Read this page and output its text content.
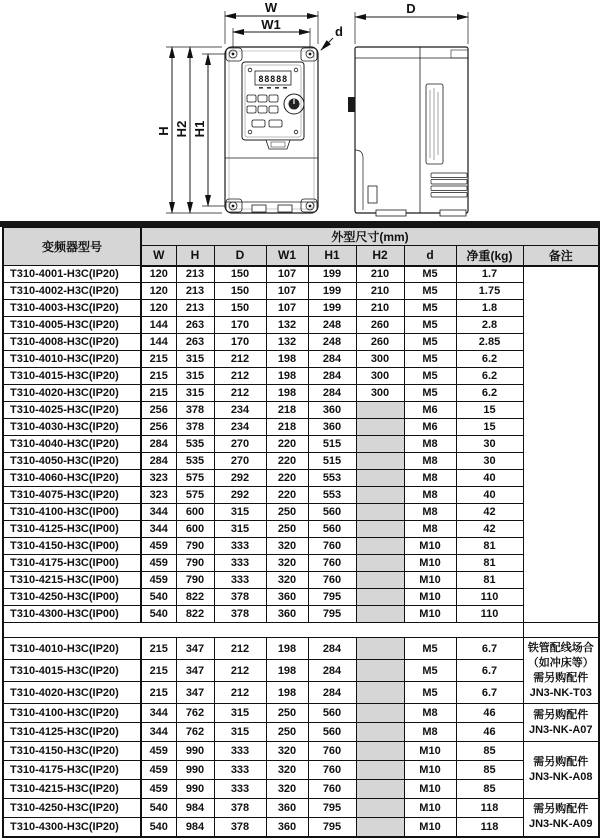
W
W1
H H2 H1
d
88888
D
变频器型号	外型尺寸(mm)								
	W	H	D	W1	H1	H2	d	净重(kg)	备注
T310-4001-H3C(IP20)	120	213	150	107	199	210	M5	1.7	
T310-4002-H3C(IP20)	120	213	150	107	199	210	M5	1.75	
T310-4003-H3C(IP20)	120	213	150	107	199	210	M5	1.8	
T310-4005-H3C(IP20)	144	263	170	132	248	260	M5	2.8	
T310-4008-H3C(IP20)	144	263	170	132	248	260	M5	2.85	
T310-4010-H3C(IP20)	215	315	212	198	284	300	M5	6.2	
T310-4015-H3C(IP20)	215	315	212	198	284	300	M5	6.2	
T310-4020-H3C(IP20)	215	315	212	198	284	300	M5	6.2	
T310-4025-H3C(IP20)	256	378	234	218	360		M6	15	
T310-4030-H3C(IP20)	256	378	234	218	360		M6	15	
T310-4040-H3C(IP20)	284	535	270	220	515		M8	30	
T310-4050-H3C(IP20)	284	535	270	220	515		M8	30	
T310-4060-H3C(IP20)	323	575	292	220	553		M8	40	
T310-4075-H3C(IP20)	323	575	292	220	553		M8	40	
T310-4100-H3C(IP00)	344	600	315	250	560		M8	42	
T310-4125-H3C(IP00)	344	600	315	250	560		M8	42	
T310-4150-H3C(IP00)	459	790	333	320	760		M10	81	
T310-4175-H3C(IP00)	459	790	333	320	760		M10	81	
T310-4215-H3C(IP00)	459	790	333	320	760		M10	81	
T310-4250-H3C(IP00)	540	822	378	360	795		M10	110	
T310-4300-H3C(IP00)	540	822	378	360	795		M10	110	

T310-4010-H3C(IP20)	215	347	212	198	284		M5	6.7	铁管配线场合
（如冲床等）
需另购配件
JN3-NK-T03

T310-4015-H3C(IP20)	215	347	212	198	284		M5	6.7	
T310-4020-H3C(IP20)	215	347	212	198	284		M5	6.7	
T310-4100-H3C(IP20)	344	762	315	250	560		M8	46	需另购配件
JN3-NK-A07

T310-4125-H3C(IP20)	344	762	315	250	560		M8	46	
T310-4150-H3C(IP20)	459	990	333	320	760		M10	85	需另购配件
JN3-NK-A08

T310-4175-H3C(IP20)	459	990	333	320	760		M10	85	
T310-4215-H3C(IP20)	459	990	333	320	760		M10	85	
T310-4250-H3C(IP20)	540	984	378	360	795		M10	118	需另购配件
JN3-NK-A09

T310-4300-H3C(IP20)	540	984	378	360	795		M10	118	
